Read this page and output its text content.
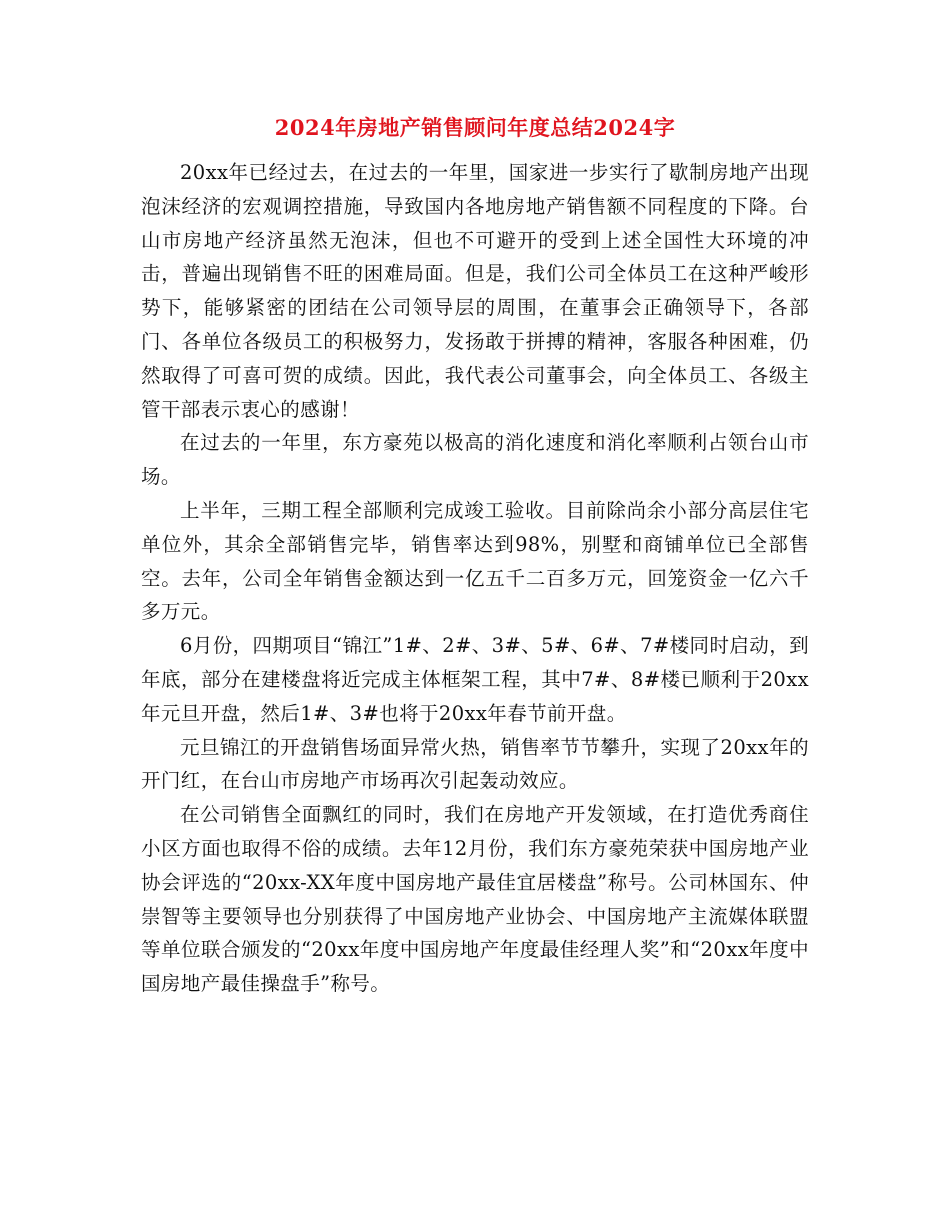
2024年房地产销售顾问年度总结2024字

20xx年已经过去，在过去的一年里，国家进一步实行了歇制房地产出现泡沫经济的宏观调控措施，导致国内各地房地产销售额不同程度的下降。台山市房地产经济虽然无泡沫，但也不可避开的受到上述全国性大环境的冲击，普遍出现销售不旺的困难局面。但是，我们公司全体员工在这种严峻形势下，能够紧密的团结在公司领导层的周围，在董事会正确领导下，各部门、各单位各级员工的积极努力，发扬敢于拼搏的精神，客服各种困难，仍然取得了可喜可贺的成绩。因此，我代表公司董事会，向全体员工、各级主管干部表示衷心的感谢！

在过去的一年里，东方豪苑以极高的消化速度和消化率顺利占领台山市场。

上半年，三期工程全部顺利完成竣工验收。目前除尚余小部分高层住宅单位外，其余全部销售完毕，销售率达到98%，别墅和商铺单位已全部售空。去年，公司全年销售金额达到一亿五千二百多万元，回笼资金一亿六千多万元。

6月份，四期项目“锦江”1#、2#、3#、5#、6#、7#楼同时启动，到年底，部分在建楼盘将近完成主体框架工程，其中7#、8#楼已顺利于20xx年元旦开盘，然后1#、3#也将于20xx年春节前开盘。

元旦锦江的开盘销售场面异常火热，销售率节节攀升，实现了20xx年的开门红，在台山市房地产市场再次引起轰动效应。

在公司销售全面飘红的同时，我们在房地产开发领域，在打造优秀商住小区方面也取得不俗的成绩。去年12月份，我们东方豪苑荣获中国房地产业协会评选的“20xx-XX年度中国房地产最佳宜居楼盘”称号。公司林国东、仲崇智等主要领导也分别获得了中国房地产业协会、中国房地产主流媒体联盟等单位联合颁发的“20xx年度中国房地产年度最佳经理人奖”和“20xx年度中国房地产最佳操盘手”称号。
